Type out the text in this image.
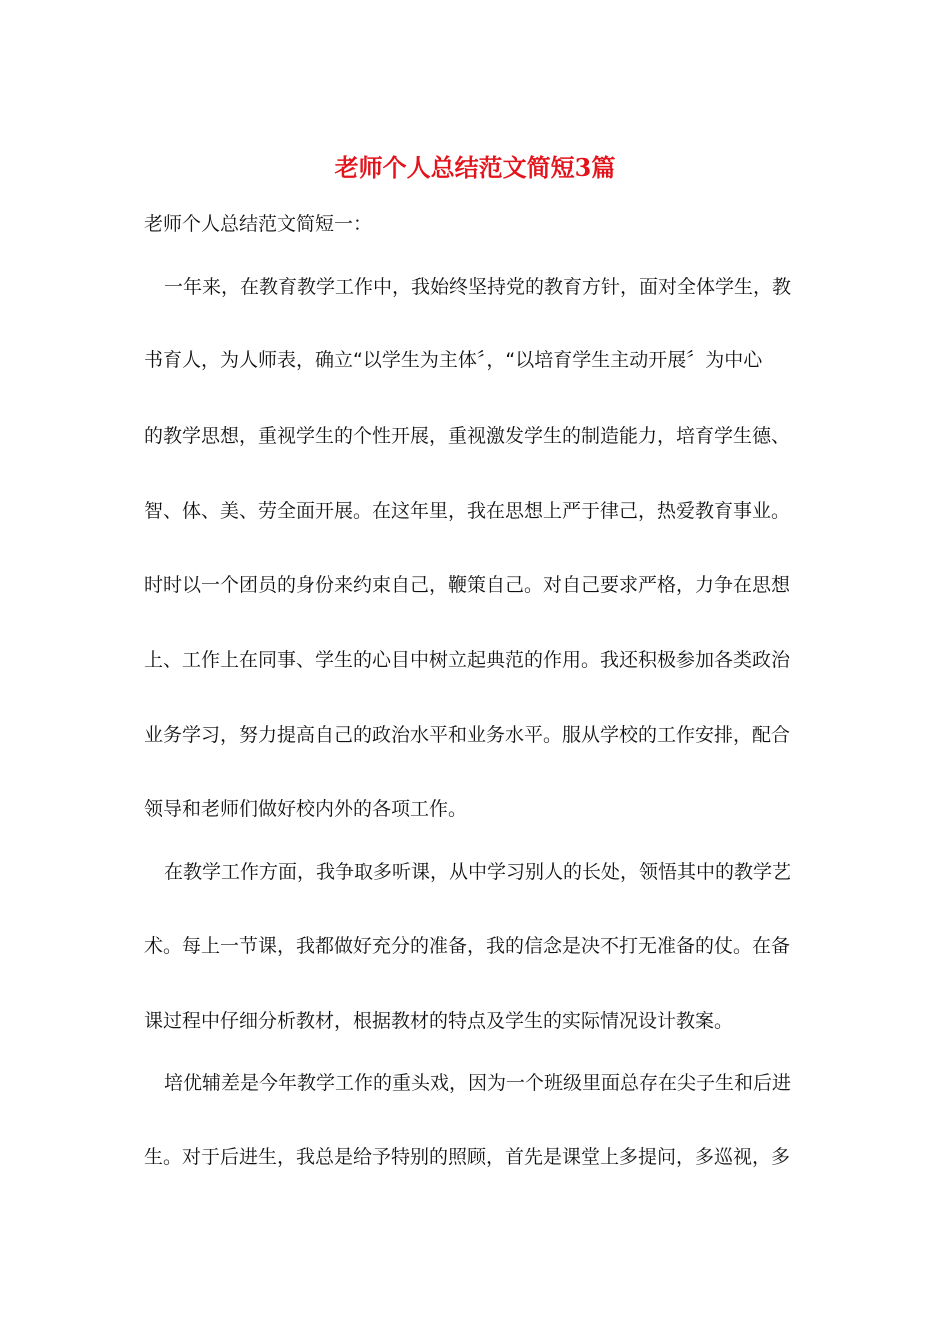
老师个人总结范文简短3篇
老师个人总结范文简短一：
一年来，在教育教学工作中，我始终坚持党的教育方针，面对全体学生，教
书育人，为人师表，确立“以学生为主体〞，“以培育学生主动开展〞为中心
的教学思想，重视学生的个性开展，重视激发学生的制造能力，培育学生德、
智、体、美、劳全面开展。在这年里，我在思想上严于律己，热爱教育事业。
时时以一个团员的身份来约束自己，鞭策自己。对自己要求严格，力争在思想
上、工作上在同事、学生的心目中树立起典范的作用。我还积极参加各类政治
业务学习，努力提高自己的政治水平和业务水平。服从学校的工作安排，配合
领导和老师们做好校内外的各项工作。
在教学工作方面，我争取多听课，从中学习别人的长处，领悟其中的教学艺
术。每上一节课，我都做好充分的准备，我的信念是决不打无准备的仗。在备
课过程中仔细分析教材，根据教材的特点及学生的实际情况设计教案。
培优辅差是今年教学工作的重头戏，因为一个班级里面总存在尖子生和后进
生。对于后进生，我总是给予特别的照顾，首先是课堂上多提问，多巡视，多
